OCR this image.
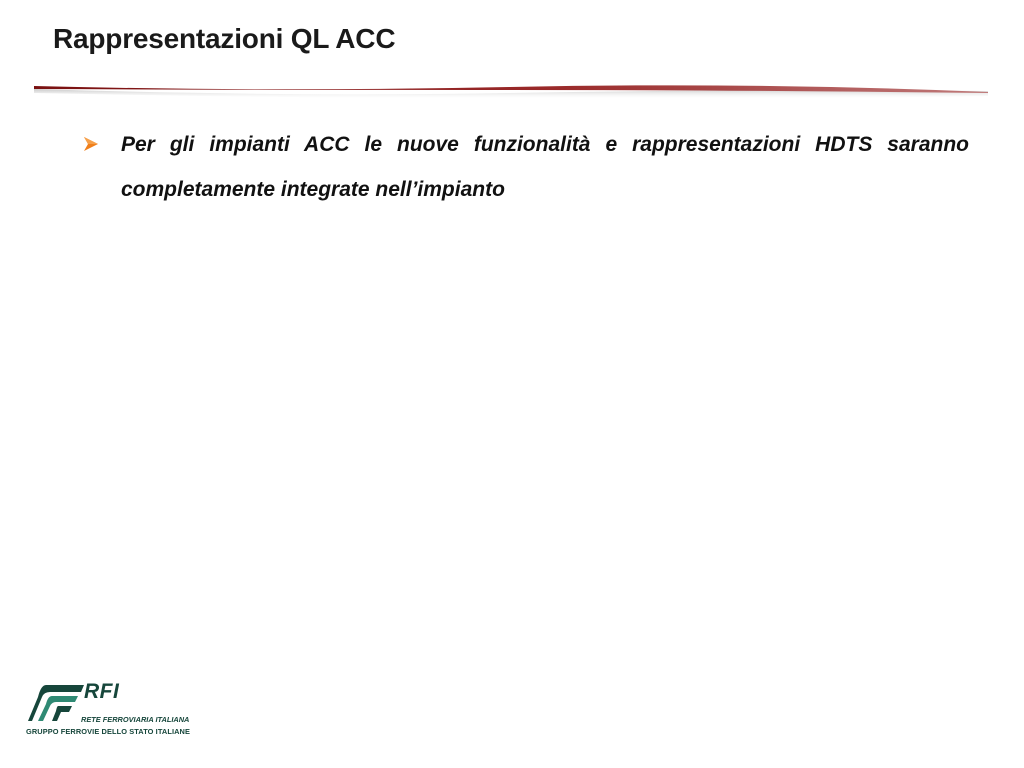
Rappresentazioni QL ACC
Per gli impianti ACC le nuove funzionalità e rappresentazioni HDTS saranno completamente integrate nell’impianto
RFI
RETE FERROVIARIA ITALIANA
GRUPPO FERROVIE DELLO STATO ITALIANE
